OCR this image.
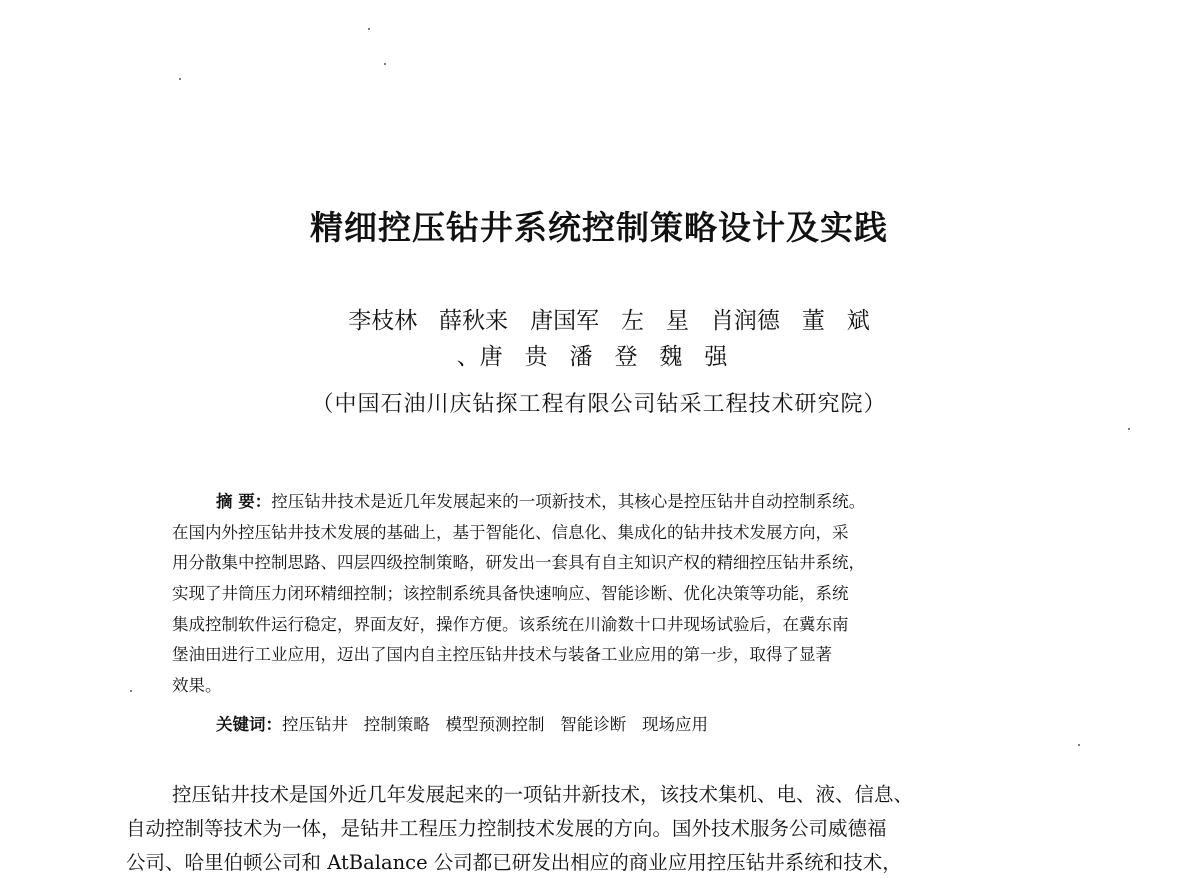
精细控压钻井系统控制策略设计及实践
李枝林   薛秋来   唐国军   左   星   肖润德   董   斌
、唐   贵   潘   登   魏   强
（中国石油川庆钻探工程有限公司钻采工程技术研究院）
摘 要：控压钻井技术是近几年发展起来的一项新技术，其核心是控压钻井自动控制系统。
在国内外控压钻井技术发展的基础上，基于智能化、信息化、集成化的钻井技术发展方向，采
用分散集中控制思路、四层四级控制策略，研发出一套具有自主知识产权的精细控压钻井系统，
实现了井筒压力闭环精细控制；该控制系统具备快速响应、智能诊断、优化决策等功能，系统
集成控制软件运行稳定，界面友好，操作方便。该系统在川渝数十口井现场试验后，在冀东南
堡油田进行工业应用，迈出了国内自主控压钻井技术与装备工业应用的第一步，取得了显著
效果。
关键词：控压钻井   控制策略   模型预测控制   智能诊断   现场应用
控压钻井技术是国外近几年发展起来的一项钻井新技术，该技术集机、电、液、信息、
自动控制等技术为一体，是钻井工程压力控制技术发展的方向。国外技术服务公司威德福
公司、哈里伯顿公司和 AtBalance 公司都已研发出相应的商业应用控压钻井系统和技术，
